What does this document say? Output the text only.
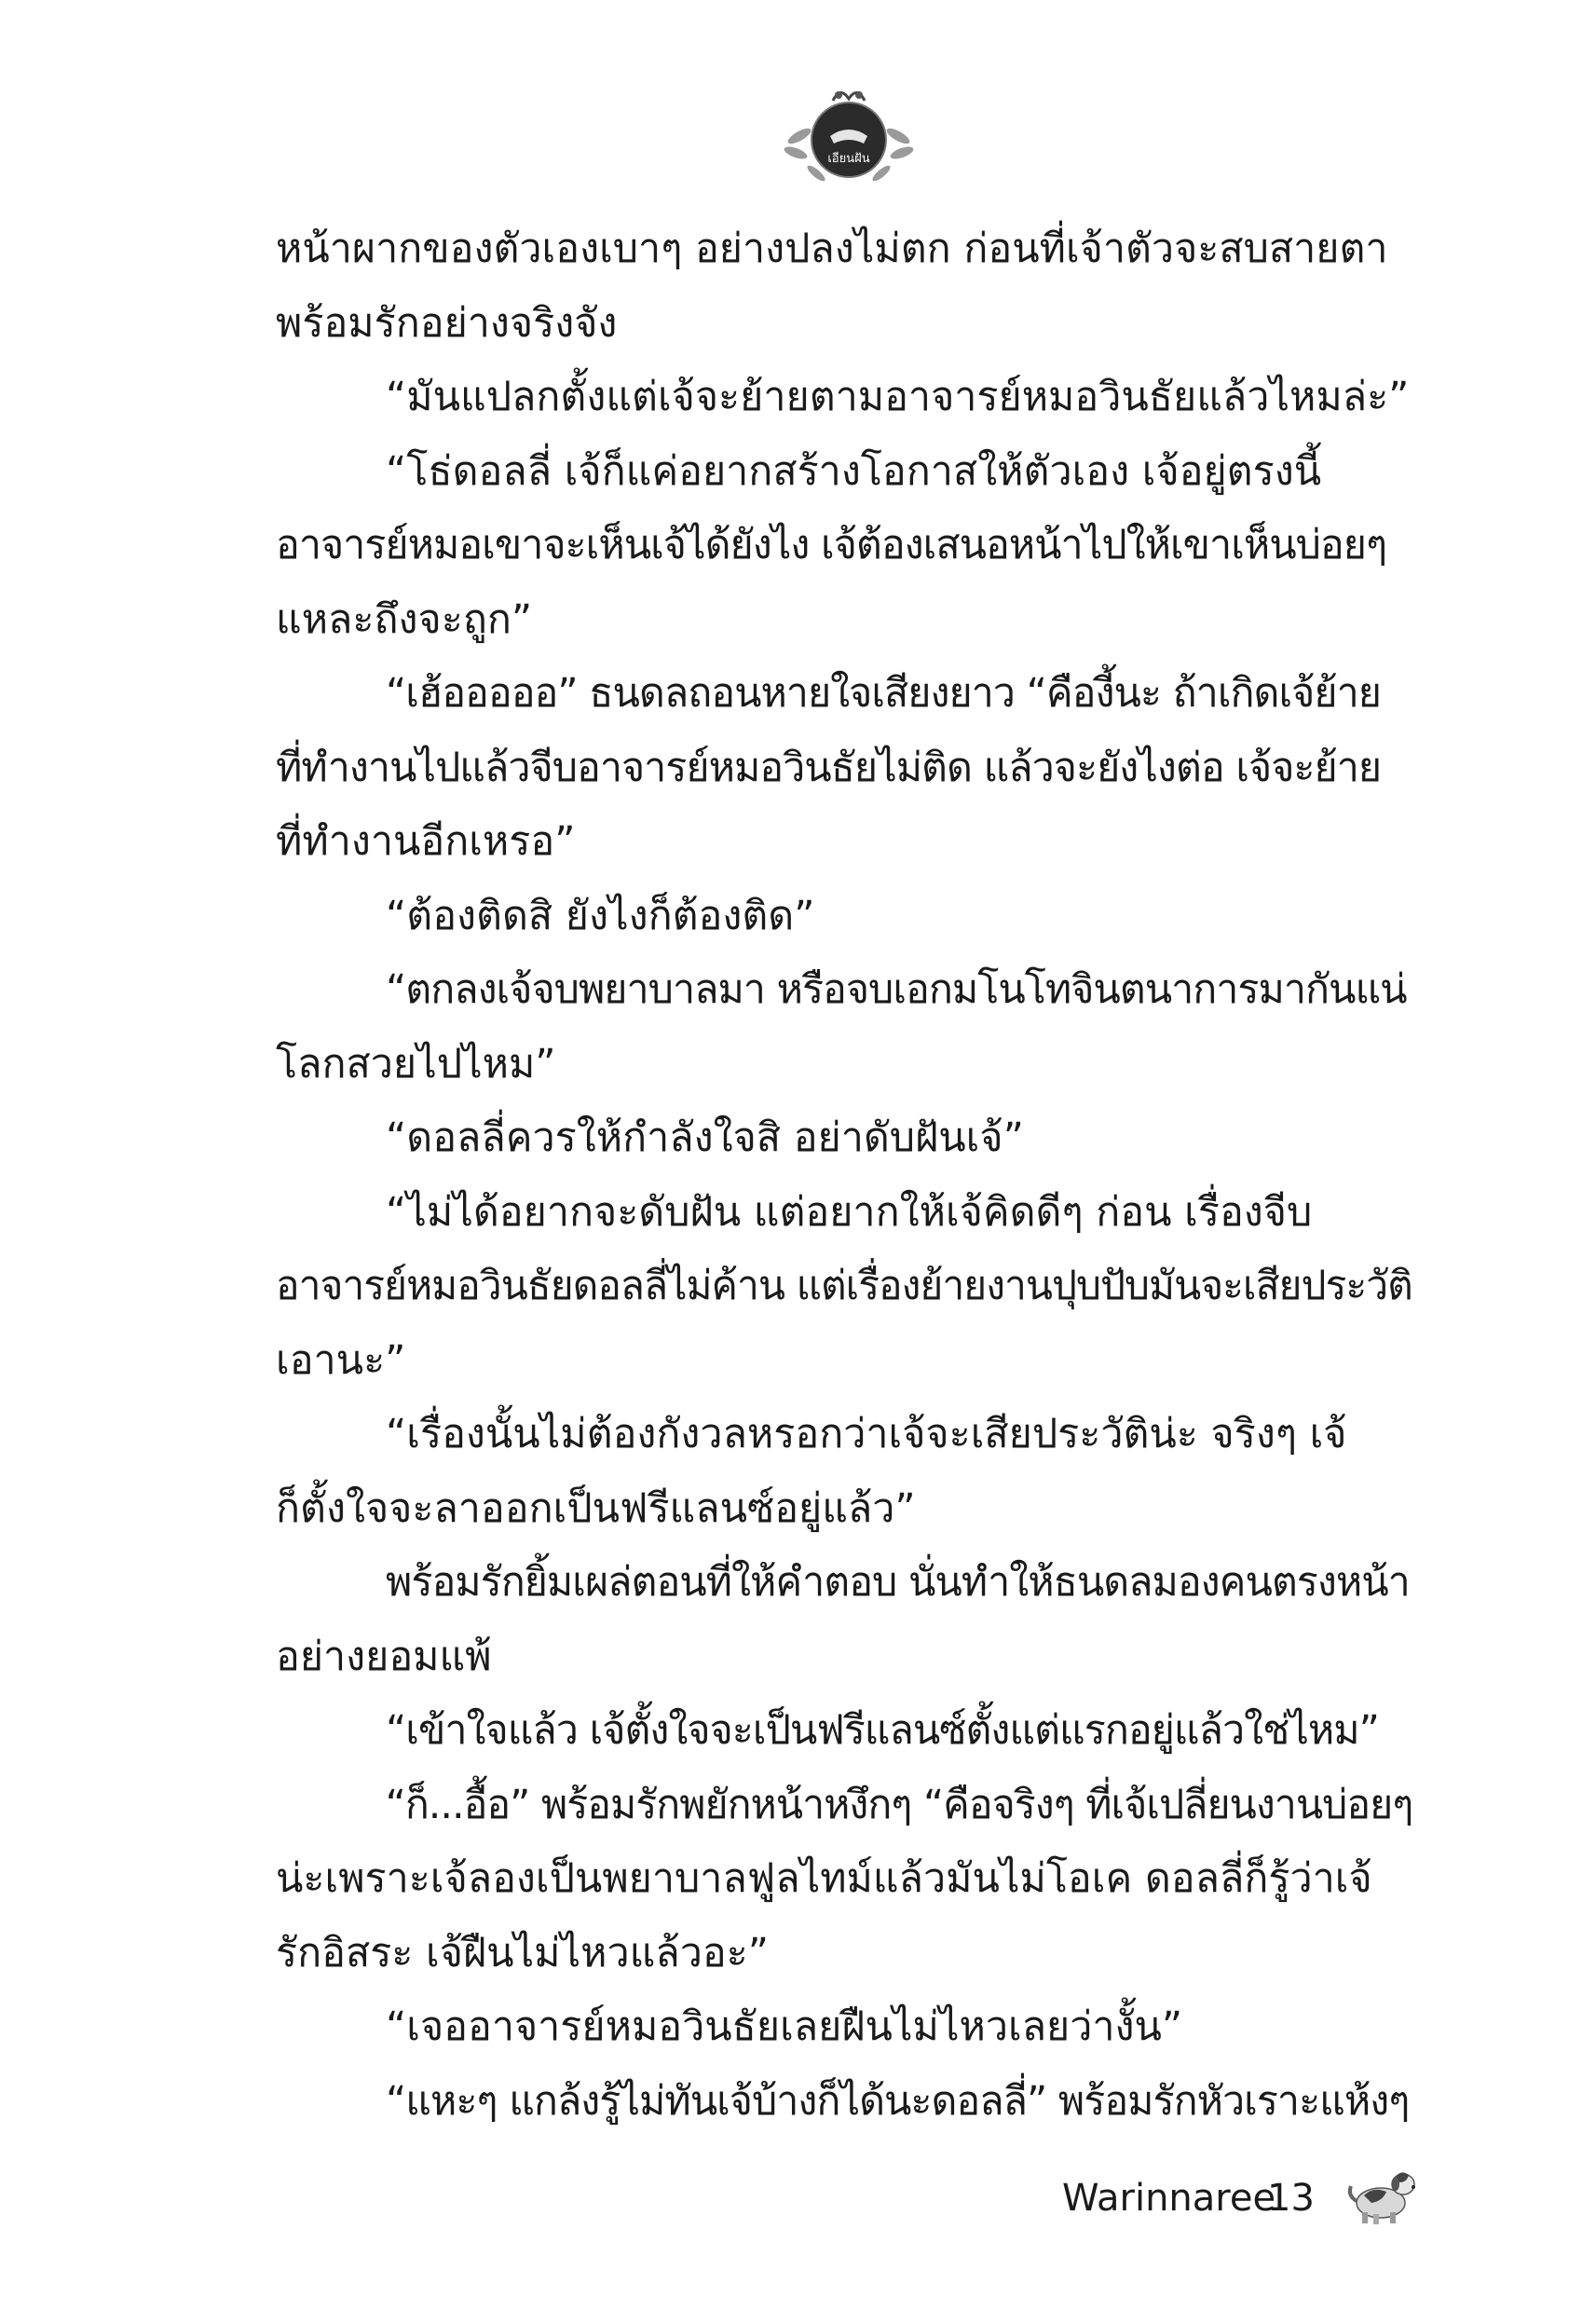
เอียนฝัน
หน้าผากของตัวเองเบาๆ อย่างปลงไม่ตก ก่อนที่เจ้าตัวจะสบสายตา
พร้อมรักอย่างจริงจัง
“มันแปลกตั้งแต่เจ้จะย้ายตามอาจารย์หมอวินธัยแล้วไหมล่ะ”
“โธ่ดอลลี่ เจ้ก็แค่อยากสร้างโอกาสให้ตัวเอง เจ้อยู่ตรงนี้
อาจารย์หมอเขาจะเห็นเจ้ได้ยังไง เจ้ต้องเสนอหน้าไปให้เขาเห็นบ่อยๆ
แหละถึงจะถูก”
“เฮ้อออออ” ธนดลถอนหายใจเสียงยาว “คืองี้นะ ถ้าเกิดเจ้ย้าย
ที่ทำงานไปแล้วจีบอาจารย์หมอวินธัยไม่ติด แล้วจะยังไงต่อ เจ้จะย้าย
ที่ทำงานอีกเหรอ”
“ต้องติดสิ ยังไงก็ต้องติด”
“ตกลงเจ้จบพยาบาลมา หรือจบเอกมโนโทจินตนาการมากันแน่
โลกสวยไปไหม”
“ดอลลี่ควรให้กำลังใจสิ อย่าดับฝันเจ้”
“ไม่ได้อยากจะดับฝัน แต่อยากให้เจ้คิดดีๆ ก่อน เรื่องจีบ
อาจารย์หมอวินธัยดอลลี่ไม่ค้าน แต่เรื่องย้ายงานปุบปับมันจะเสียประวัติ
เอานะ”
“เรื่องนั้นไม่ต้องกังวลหรอกว่าเจ้จะเสียประวัติน่ะ จริงๆ เจ้
ก็ตั้งใจจะลาออกเป็นฟรีแลนซ์อยู่แล้ว”
พร้อมรักยิ้มเผล่ตอนที่ให้คำตอบ นั่นทำให้ธนดลมองคนตรงหน้า
อย่างยอมแพ้
“เข้าใจแล้ว เจ้ตั้งใจจะเป็นฟรีแลนซ์ตั้งแต่แรกอยู่แล้วใช่ไหม”
“ก็...อื้อ” พร้อมรักพยักหน้าหงึกๆ “คือจริงๆ ที่เจ้เปลี่ยนงานบ่อยๆ
น่ะเพราะเจ้ลองเป็นพยาบาลฟูลไทม์แล้วมันไม่โอเค ดอลลี่ก็รู้ว่าเจ้
รักอิสระ เจ้ฝืนไม่ไหวแล้วอะ”
“เจออาจารย์หมอวินธัยเลยฝืนไม่ไหวเลยว่างั้น”
“แหะๆ แกล้งรู้ไม่ทันเจ้บ้างก็ได้นะดอลลี่” พร้อมรักหัวเราะแห้งๆ
Warinnaree
13
